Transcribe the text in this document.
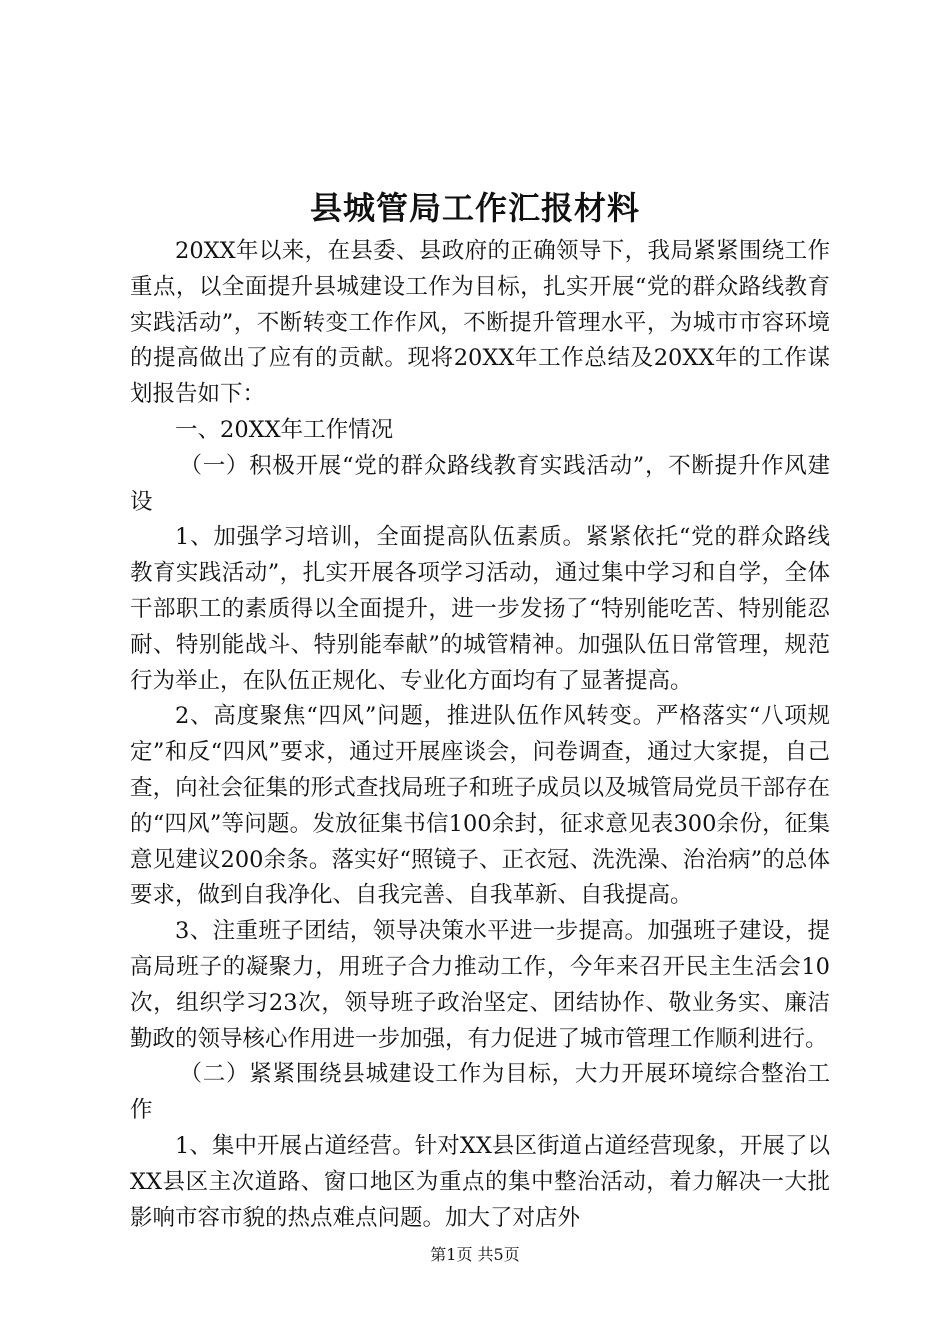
县城管局工作汇报材料

20XX年以来，在县委、县政府的正确领导下，我局紧紧围绕工作重点，以全面提升县城建设工作为目标，扎实开展“党的群众路线教育实践活动”，不断转变工作作风，不断提升管理水平，为城市市容环境的提高做出了应有的贡献。现将20XX年工作总结及20XX年的工作谋划报告如下：

一、20XX年工作情况

（一）积极开展“党的群众路线教育实践活动”，不断提升作风建设

1、加强学习培训，全面提高队伍素质。紧紧依托“党的群众路线教育实践活动”，扎实开展各项学习活动，通过集中学习和自学，全体干部职工的素质得以全面提升，进一步发扬了“特别能吃苦、特别能忍耐、特别能战斗、特别能奉献”的城管精神。加强队伍日常管理，规范行为举止，在队伍正规化、专业化方面均有了显著提高。

2、高度聚焦“四风”问题，推进队伍作风转变。严格落实“八项规定”和反“四风”要求，通过开展座谈会，问卷调查，通过大家提，自己查，向社会征集的形式查找局班子和班子成员以及城管局党员干部存在的“四风”等问题。发放征集书信100余封，征求意见表300余份，征集意见建议200余条。落实好“照镜子、正衣冠、洗洗澡、治治病”的总体要求，做到自我净化、自我完善、自我革新、自我提高。

3、注重班子团结，领导决策水平进一步提高。加强班子建设，提高局班子的凝聚力，用班子合力推动工作，今年来召开民主生活会10次，组织学习23次，领导班子政治坚定、团结协作、敬业务实、廉洁勤政的领导核心作用进一步加强，有力促进了城市管理工作顺利进行。

（二）紧紧围绕县城建设工作为目标，大力开展环境综合整治工作

1、集中开展占道经营。针对XX县区街道占道经营现象，开展了以XX县区主次道路、窗口地区为重点的集中整治活动，着力解决一大批影响市容市貌的热点难点问题。加大了对店外

第1页 共5页
